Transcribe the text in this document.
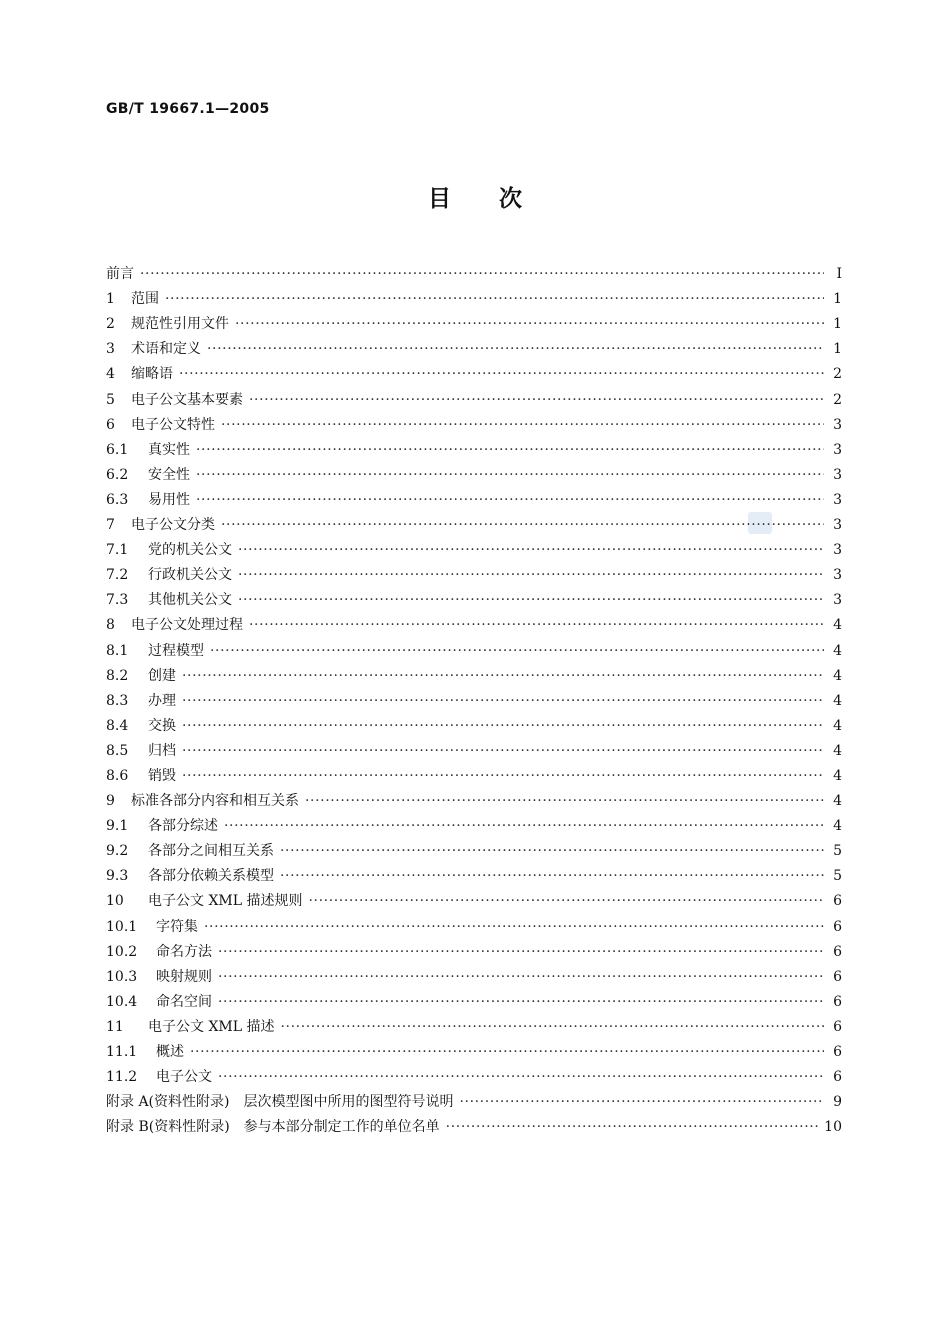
GB/T 19667.1—2005
目 次
前言 ·····	I
1	范围 ·····	1
2	规范性引用文件 ·····	1
3	术语和定义 ·····	1
4	缩略语 ·····	2
5	电子公文基本要素 ·····	2
6	电子公文特性 ·····	3
6.1	真实性 ·····	3
6.2	安全性 ·····	3
6.3	易用性 ·····	3
7	电子公文分类 ·····	3
7.1	党的机关公文 ·····	3
7.2	行政机关公文 ·····	3
7.3	其他机关公文 ·····	3
8	电子公文处理过程 ·····	4
8.1	过程模型 ·····	4
8.2	创建 ·····	4
8.3	办理 ·····	4
8.4	交换 ·····	4
8.5	归档 ·····	4
8.6	销毁 ·····	4
9	标准各部分内容和相互关系 ·····	4
9.1	各部分综述 ·····	4
9.2	各部分之间相互关系 ·····	5
9.3	各部分依赖关系模型 ·····	5
10	电子公文 XML 描述规则 ·····	6
10.1	字符集 ·····	6
10.2	命名方法 ·····	6
10.3	映射规则 ·····	6
10.4	命名空间 ·····	6
11	电子公文 XML 描述 ·····	6
11.1	概述 ·····	6
11.2	电子公文 ·····	6
附录 A(资料性附录)　层次模型图中所用的图型符号说明 ·····	9
附录 B(资料性附录)　参与本部分制定工作的单位名单 ·····	10
